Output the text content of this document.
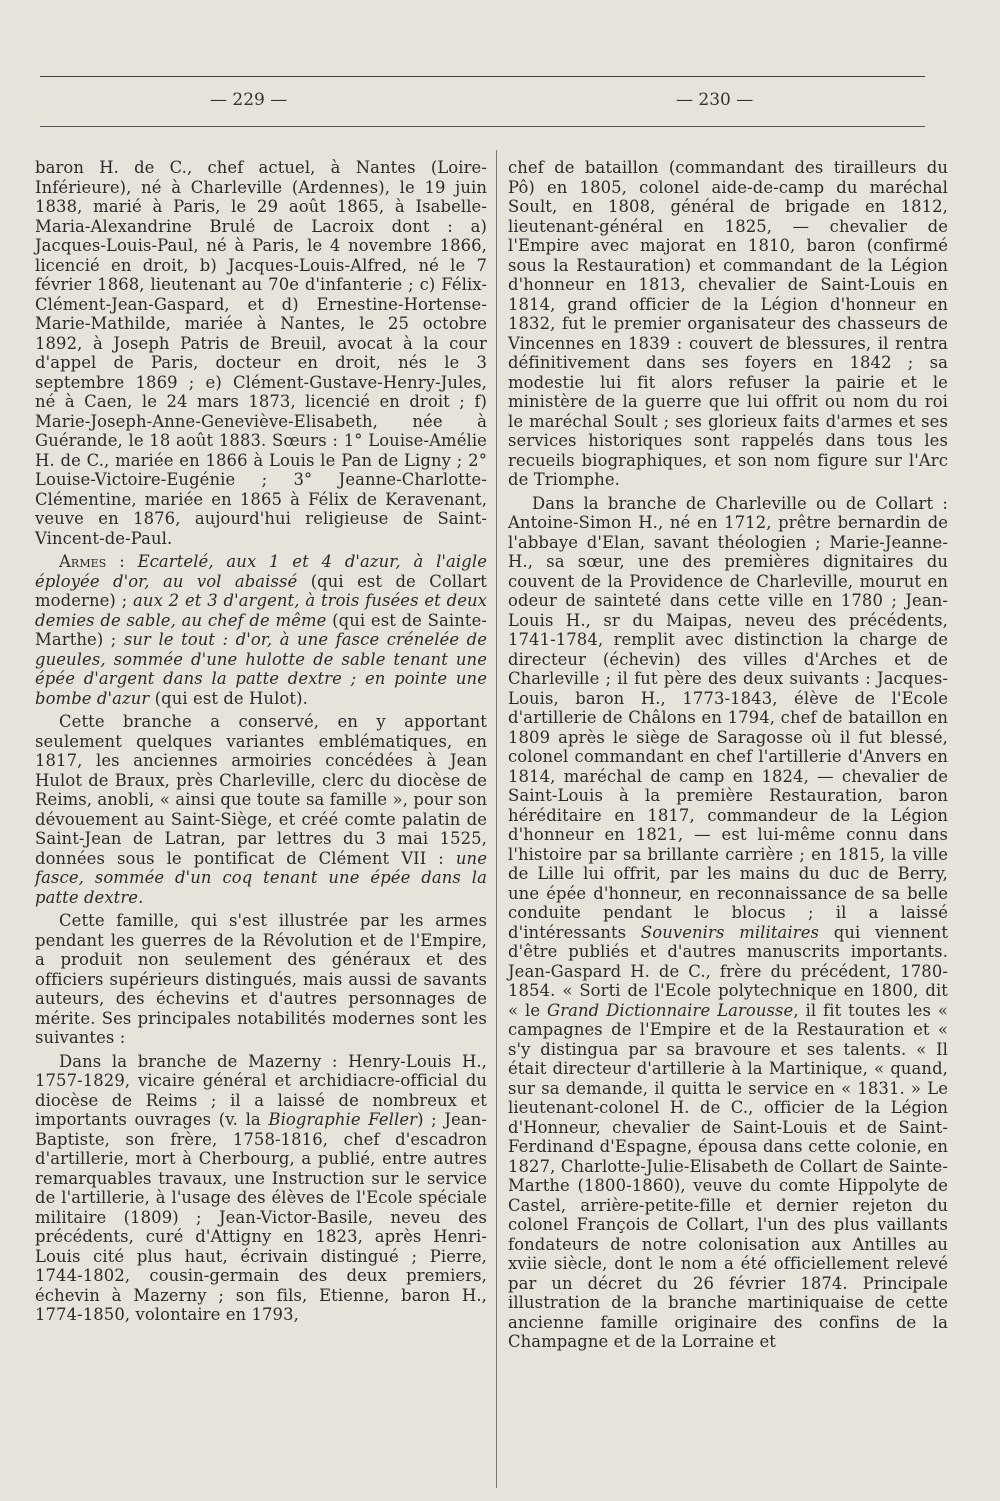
— 229 —	— 230 —

baron H. de C., chef actuel, à Nantes (Loire-Inférieure), né à Charleville (Ardennes), le 19 juin 1838, marié à Paris, le 29 août 1865, à Isabelle-Maria-Alexandrine Brulé de Lacroix dont : a) Jacques-Louis-Paul, né à Paris, le 4 novembre 1866, licencié en droit, b) Jacques-Louis-Alfred, né le 7 février 1868, lieutenant au 70e d'infanterie ; c) Félix-Clément-Jean-Gaspard, et d) Ernestine-Hortense-Marie-Mathilde, mariée à Nantes, le 25 octobre 1892, à Joseph Patris de Breuil, avocat à la cour d'appel de Paris, docteur en droit, nés le 3 septembre 1869 ; e) Clément-Gustave-Henry-Jules, né à Caen, le 24 mars 1873, licencié en droit ; f) Marie-Joseph-Anne-Geneviève-Elisabeth, née à Guérande, le 18 août 1883. Sœurs : 1° Louise-Amélie H. de C., mariée en 1866 à Louis le Pan de Ligny ; 2° Louise-Victoire-Eugénie ; 3° Jeanne-Charlotte-Clémentine, mariée en 1865 à Félix de Keravenant, veuve en 1876, aujourd'hui religieuse de Saint-Vincent-de-Paul.

Armes : Ecartelé, aux 1 et 4 d'azur, à l'aigle éployée d'or, au vol abaissé (qui est de Collart moderne) ; aux 2 et 3 d'argent, à trois fusées et deux demies de sable, au chef de même (qui est de Sainte-Marthe) ; sur le tout : d'or, à une fasce crénelée de gueules, sommée d'une hulotte de sable tenant une épée d'argent dans la patte dextre ; en pointe une bombe d'azur (qui est de Hulot).

Cette branche a conservé, en y apportant seulement quelques variantes emblématiques, en 1817, les anciennes armoiries concédées à Jean Hulot de Braux, près Charleville, clerc du diocèse de Reims, anobli, « ainsi que toute sa famille », pour son dévouement au Saint-Siège, et créé comte palatin de Saint-Jean de Latran, par lettres du 3 mai 1525, données sous le pontificat de Clément VII : une fasce, sommée d'un coq tenant une épée dans la patte dextre.

Cette famille, qui s'est illustrée par les armes pendant les guerres de la Révolution et de l'Empire, a produit non seulement des généraux et des officiers supérieurs distingués, mais aussi de savants auteurs, des échevins et d'autres personnages de mérite. Ses principales notabilités modernes sont les suivantes :

Dans la branche de Mazerny : Henry-Louis H., 1757-1829, vicaire général et archidiacre-official du diocèse de Reims ; il a laissé de nombreux et importants ouvrages (v. la Biographie Feller) ; Jean-Baptiste, son frère, 1758-1816, chef d'escadron d'artillerie, mort à Cherbourg, a publié, entre autres remarquables travaux, une Instruction sur le service de l'artillerie, à l'usage des élèves de l'Ecole spéciale militaire (1809) ; Jean-Victor-Basile, neveu des précédents, curé d'Attigny en 1823, après Henri-Louis cité plus haut, écrivain distingué ; Pierre, 1744-1802, cousin-germain des deux premiers, échevin à Mazerny ; son fils, Etienne, baron H., 1774-1850, volontaire en 1793,

chef de bataillon (commandant des tirailleurs du Pô) en 1805, colonel aide-de-camp du maréchal Soult, en 1808, général de brigade en 1812, lieutenant-général en 1825, — chevalier de l'Empire avec majorat en 1810, baron (confirmé sous la Restauration) et commandant de la Légion d'honneur en 1813, chevalier de Saint-Louis en 1814, grand officier de la Légion d'honneur en 1832, fut le premier organisateur des chasseurs de Vincennes en 1839 : couvert de blessures, il rentra définitivement dans ses foyers en 1842 ; sa modestie lui fit alors refuser la pairie et le ministère de la guerre que lui offrit ou nom du roi le maréchal Soult ; ses glorieux faits d'armes et ses services historiques sont rappelés dans tous les recueils biographiques, et son nom figure sur l'Arc de Triomphe.

Dans la branche de Charleville ou de Collart : Antoine-Simon H., né en 1712, prêtre bernardin de l'abbaye d'Elan, savant théologien ; Marie-Jeanne-H., sa sœur, une des premières dignitaires du couvent de la Providence de Charleville, mourut en odeur de sainteté dans cette ville en 1780 ; Jean-Louis H., sr du Maipas, neveu des précédents, 1741-1784, remplit avec distinction la charge de directeur (échevin) des villes d'Arches et de Charleville ; il fut père des deux suivants : Jacques-Louis, baron H., 1773-1843, élève de l'Ecole d'artillerie de Châlons en 1794, chef de bataillon en 1809 après le siège de Saragosse où il fut blessé, colonel commandant en chef l'artillerie d'Anvers en 1814, maréchal de camp en 1824, — chevalier de Saint-Louis à la première Restauration, baron héréditaire en 1817, commandeur de la Légion d'honneur en 1821, — est lui-même connu dans l'histoire par sa brillante carrière ; en 1815, la ville de Lille lui offrit, par les mains du duc de Berry, une épée d'honneur, en reconnaissance de sa belle conduite pendant le blocus ; il a laissé d'intéressants Souvenirs militaires qui viennent d'être publiés et d'autres manuscrits importants. Jean-Gaspard H. de C., frère du précédent, 1780-1854. « Sorti de l'Ecole polytechnique en 1800, dit « le Grand Dictionnaire Larousse, il fit toutes les « campagnes de l'Empire et de la Restauration et « s'y distingua par sa bravoure et ses talents. « Il était directeur d'artillerie à la Martinique, « quand, sur sa demande, il quitta le service en « 1831. » Le lieutenant-colonel H. de C., officier de la Légion d'Honneur, chevalier de Saint-Louis et de Saint-Ferdinand d'Espagne, épousa dans cette colonie, en 1827, Charlotte-Julie-Elisabeth de Collart de Sainte-Marthe (1800-1860), veuve du comte Hippolyte de Castel, arrière-petite-fille et dernier rejeton du colonel François de Collart, l'un des plus vaillants fondateurs de notre colonisation aux Antilles au xviie siècle, dont le nom a été officiellement relevé par un décret du 26 février 1874. Principale illustration de la branche martiniquaise de cette ancienne famille originaire des confins de la Champagne et de la Lorraine et
